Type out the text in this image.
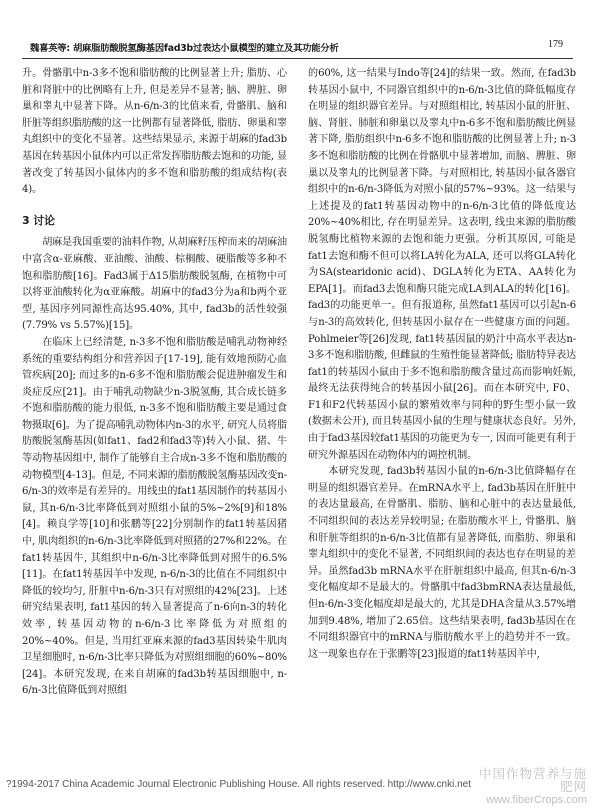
魏喜英等: 胡麻脂肪酸脱氢酶基因fad3b过表达小鼠模型的建立及其功能分析	179

升。骨骼肌中n-3多不饱和脂肪酸的比例显著上升; 脂肪、心脏和肾脏中的比例略有上升, 但是差异不显著; 脑、脾脏、卵巢和睾丸中显著下降。从n-6/n-3的比值来看, 骨骼肌、脑和肝脏等组织脂肪酸的这一比例都有显著降低, 脂肪、卵巢和睾丸组织中的变化不显著。这些结果显示, 来源于胡麻的fad3b基因在转基因小鼠体内可以正常发挥脂肪酸去饱和的功能, 显著改变了转基因小鼠体内的多不饱和脂肪酸的组成结构(表4)。

3 讨论

胡麻是我国重要的油料作物, 从胡麻籽压榨而来的胡麻油中富含α-亚麻酸、亚油酸、油酸、棕榈酸、硬脂酸等多种不饱和脂肪酸[16]。Fad3属于Δ15脂肪酸脱氢酶, 在植物中可以将亚油酸转化为α亚麻酸。胡麻中的fad3分为a和b两个亚型, 基因序列同源性高达95.40%, 其中, fad3b的活性较强(7.79% vs 5.57%)[15]。

在临床上已经清楚, n-3多不饱和脂肪酸是哺乳动物神经系统的重要结构组分和营养因子[17-19], 能有效地预防心血管疾病[20]; 而过多的n-6多不饱和脂肪酸会促进肿瘤发生和炎症反应[21]。由于哺乳动物缺少n-3脱氢酶, 其合成长链多不饱和脂肪酸的能力很低, n-3多不饱和脂肪酸主要是通过食物摄取[6]。为了提高哺乳动物体内n-3的水平, 研究人员将脂肪酸脱氢酶基因(如fat1、fad2和fad3等)转入小鼠、猪、牛等动物基因组中, 制作了能够自主合成n-3多不饱和脂肪酸的动物模型[4-13]。但是, 不同来源的脂肪酸脱氢酶基因改变n-6/n-3的效率是有差异的。用线虫的fat1基因制作的转基因小鼠, 其n-6/n-3比率降低到对照组小鼠的5%~2%[9]和18%[4]。赖良学等[10]和张鹏等[22]分别制作的fat1转基因猪中, 肌肉组织的n-6/n-3比率降低到对照猪的27%和22%。在fat1转基因牛, 其组织中n-6/n-3比率降低到对照牛的6.5%[11]。在fat1转基因羊中发现, n-6/n-3的比值在不同组织中降低的较均匀, 肝脏中n-6/n-3只有对照组的42%[23]。上述研究结果表明, fat1基因的转入显著提高了n-6向n-3的转化效率, 转基因动物的n-6/n-3比率降低为对照组的20%~40%。但是, 当用红亚麻来源的fad3基因转染牛肌肉卫星细胞时, n-6/n-3比率只降低为对照组细胞的60%~80%[24]。本研究发现, 在来自胡麻的fad3b转基因细胞中, n-6/n-3比值降低到对照组

的60%, 这一结果与Indo等[24]的结果一致。然而, 在fad3b转基因小鼠中, 不同器官组织中的n-6/n-3比值的降低幅度存在明显的组织器官差异。与对照组相比, 转基因小鼠的肝脏、脑、肾脏、肺脏和卵巢以及睾丸中n-6多不饱和脂肪酸比例显著下降, 脂肪组织中n-6多不饱和脂肪酸的比例显著上升; n-3多不饱和脂肪酸的比例在骨骼肌中显著增加, 而脑、脾脏、卵巢以及睾丸的比例显著下降。与对照相比, 转基因小鼠各器官组织中的n-6/n-3降低为对照小鼠的57%~93%。这一结果与上述提及的fat1转基因动物中的n-6/n-3比值的降低度达20%~40%相比, 存在明显差异。这表明, 线虫来源的脂肪酸脱氢酶比植物来源的去饱和能力更强。分析其原因, 可能是fat1去饱和酶不但可以将LA转化为ALA, 还可以将GLA转化为SA(stearidonic acid)、DGLA转化为ETA、AA转化为EPA[1]。而fad3去饱和酶只能完成LA到ALA的转化[16]。fad3的功能更单一。但有报道称, 虽然fat1基因可以引起n-6与n-3的高效转化, 但转基因小鼠存在一些健康方面的问题。Pohlmeier等[26]发现, fat1转基因鼠的奶汁中高水平表达n-3多不饱和脂肪酸, 但雌鼠的生殖性能显著降低; 脂肪特异表达fat1的转基因小鼠由于多不饱和脂肪酸含量过高而影响妊娠, 最终无法获得纯合的转基因小鼠[26]。而在本研究中, F0、F1和F2代转基因小鼠的繁殖效率与同种的野生型小鼠一致(数据未公开), 而且转基因小鼠的生理与健康状态良好。另外, 由于fad3基因较fat1基因的功能更为专一, 因而可能更有利于研究外源基因在动物体内的调控机制。

本研究发现, fad3b转基因小鼠的n-6/n-3比值降幅存在明显的组织器官差异。在mRNA水平上, fad3b基因在肝脏中的表达量最高, 在骨骼肌、脂肪、脑和心脏中的表达量最低, 不同组织间的表达差异较明显; 在脂肪酸水平上, 骨骼肌、脑和肝脏等组织的n-6/n-3比值都有显著降低, 而脂肪、卵巢和睾丸组织中的变化不显著, 不同组织间的表达也存在明显的差异。虽然fad3b mRNA水平在肝脏组织中最高, 但其n-6/n-3变化幅度却不是最大的。骨骼肌中fad3bmRNA表达量最低, 但n-6/n-3变化幅度却是最大的, 尤其是DHA含量从3.57%增加到9.48%, 增加了2.65倍。这些结果表明, fad3b基因在在不同组织器官中的mRNA与脂肪酸水平上的趋势并不一致。这一现象也存在于张鹏等[23]报道的fat1转基因羊中,

?1994-2017 China Academic Journal Electronic Publishing House. All rights reserved. http://www.cnki.net
中国作物营养与施肥网
www.fiberCrops.com
